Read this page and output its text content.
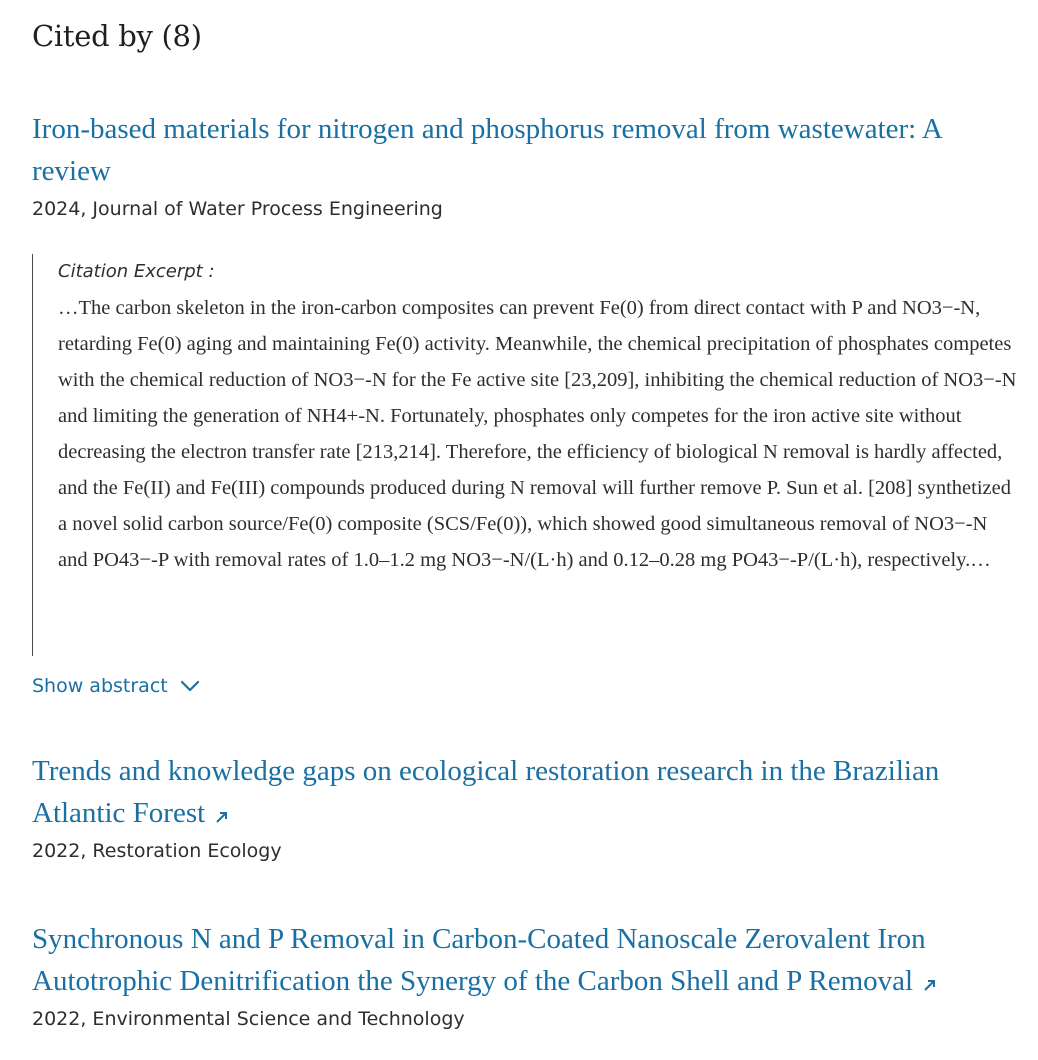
Cited by (8)
Iron-based materials for nitrogen and phosphorus removal from wastewater: A review

2024, Journal of Water Process Engineering

Citation Excerpt :

…The carbon skeleton in the iron-carbon composites can prevent Fe(0) from direct contact with P and NO3−-N, retarding Fe(0) aging and maintaining Fe(0) activity. Meanwhile, the chemical precipitation of phosphates competes with the chemical reduction of NO3−-N for the Fe active site [23,209], inhibiting the chemical reduction of NO3−-N and limiting the generation of NH4+-N. Fortunately, phosphates only competes for the iron active site without decreasing the electron transfer rate [213,214]. Therefore, the efficiency of biological N removal is hardly affected, and the Fe(II) and Fe(III) compounds produced during N removal will further remove P. Sun et al. [208] synthetized a novel solid carbon source/Fe(0) composite (SCS/Fe(0)), which showed good simultaneous removal of NO3−-N and PO43−-P with removal rates of 1.0–1.2 mg NO3−-N/(L·h) and 0.12–0.28 mg PO43−-P/(L·h), respectively.…

Show abstract
Trends and knowledge gaps on ecological restoration research in the Brazilian Atlantic Forest

2022, Restoration Ecology

Synchronous N and P Removal in Carbon-Coated Nanoscale Zerovalent Iron Autotrophic Denitrification the Synergy of the Carbon Shell and P Removal

2022, Environmental Science and Technology
